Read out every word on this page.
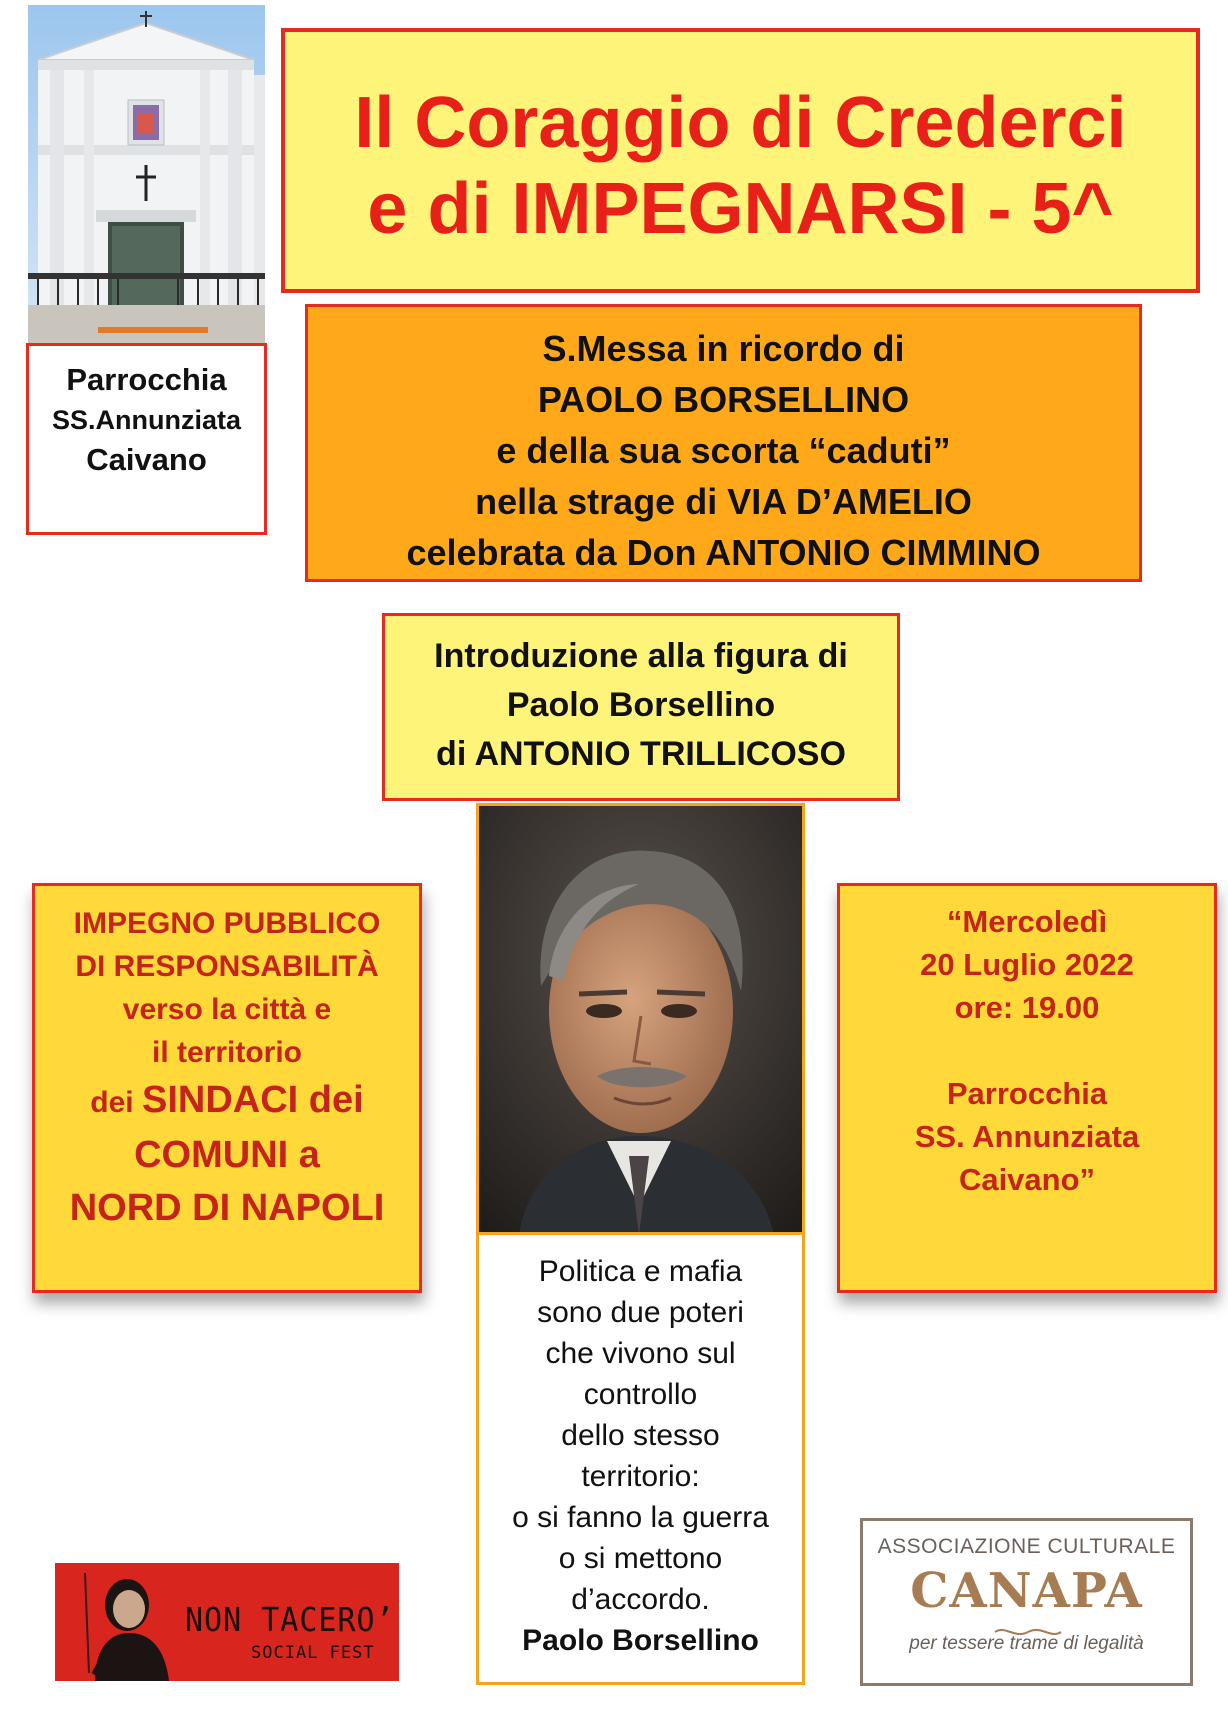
Parrocchia
SS.Annunziata
Caivano
Il Coraggio di Crederci
e di IMPEGNARSI - 5^
S.Messa in ricordo di
PAOLO BORSELLINO
e della sua scorta “caduti”
nella strage di VIA D’AMELIO
celebrata da Don ANTONIO CIMMINO
Introduzione alla figura di
Paolo Borsellino
di ANTONIO TRILLICOSO
Politica e mafia
sono due poteri
che vivono sul
controllo
dello stesso
territorio:
o si fanno la guerra
o si mettono
d’accordo.
Paolo Borsellino
IMPEGNO PUBBLICO
DI RESPONSABILITÀ
verso la città e
il territorio
dei SINDACI dei
COMUNI a
NORD DI NAPOLI
“Mercoledì
20 Luglio 2022
ore: 19.00
Parrocchia
SS. Annunziata
Caivano”
NON TACERO’
SOCIAL FEST
ASSOCIAZIONE CULTURALE
CANAPA
per tessere trame di legalità
